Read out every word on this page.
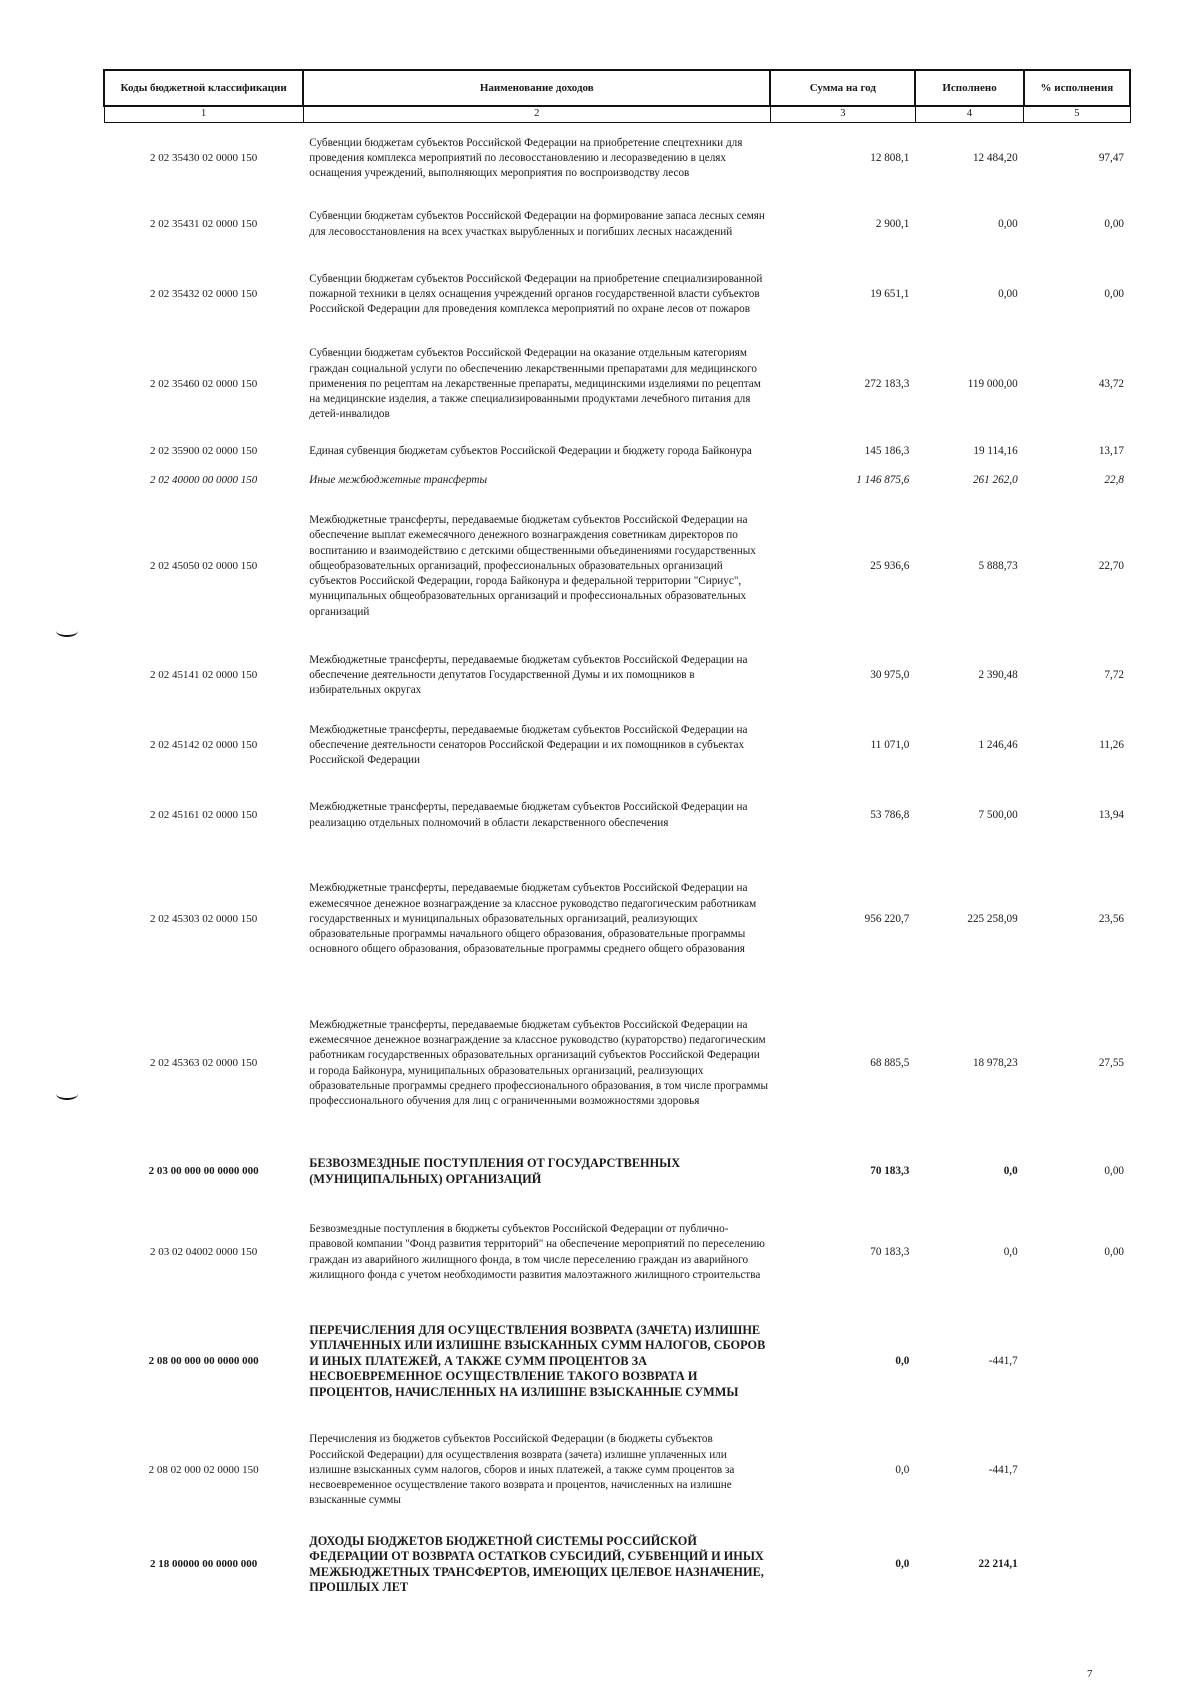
Коды бюджетной классификации	Наименование доходов	Сумма на год	Исполнено	% исполнения
1	2	3	4	5
2 02 35430 02 0000 150	Субвенции бюджетам субъектов Российской Федерации на приобретение спецтехники для проведения комплекса мероприятий по лесовосстановлению и лесоразведению в целях оснащения учреждений, выполняющих мероприятия по воспроизводству лесов	12 808,1	12 484,20	97,47
2 02 35431 02 0000 150	Субвенции бюджетам субъектов Российской Федерации на формирование запаса лесных семян для лесовосстановления на всех участках вырубленных и погибших лесных насаждений	2 900,1	0,00	0,00
2 02 35432 02 0000 150	Субвенции бюджетам субъектов Российской Федерации на приобретение специализированной пожарной техники в целях оснащения учреждений органов государственной власти субъектов Российской Федерации для проведения комплекса мероприятий по охране лесов от пожаров	19 651,1	0,00	0,00
2 02 35460 02 0000 150	Субвенции бюджетам субъектов Российской Федерации на оказание отдельным категориям граждан социальной услуги по обеспечению лекарственными препаратами для медицинского применения по рецептам на лекарственные препараты, медицинскими изделиями по рецептам на медицинские изделия, а также специализированными продуктами лечебного питания для детей-инвалидов	272 183,3	119 000,00	43,72
2 02 35900 02 0000 150	Единая субвенция бюджетам субъектов Российской Федерации и бюджету города Байконура	145 186,3	19 114,16	13,17
2 02 40000 00 0000 150	Иные межбюджетные трансферты	1 146 875,6	261 262,0	22,8
2 02 45050 02 0000 150	Межбюджетные трансферты, передаваемые бюджетам субъектов Российской Федерации на обеспечение выплат ежемесячного денежного вознаграждения советникам директоров по воспитанию и взаимодействию с детскими общественными объединениями государственных общеобразовательных организаций, профессиональных образовательных организаций субъектов Российской Федерации, города Байконура и федеральной территории "Сириус", муниципальных общеобразовательных организаций и профессиональных образовательных организаций	25 936,6	5 888,73	22,70
2 02 45141 02 0000 150	Межбюджетные трансферты, передаваемые бюджетам субъектов Российской Федерации на обеспечение деятельности депутатов Государственной Думы и их помощников в избирательных округах	30 975,0	2 390,48	7,72
2 02 45142 02 0000 150	Межбюджетные трансферты, передаваемые бюджетам субъектов Российской Федерации на обеспечение деятельности сенаторов Российской Федерации и их помощников в субъектах Российской Федерации	11 071,0	1 246,46	11,26
2 02 45161 02 0000 150	Межбюджетные трансферты, передаваемые бюджетам субъектов Российской Федерации на реализацию отдельных полномочий в области лекарственного обеспечения	53 786,8	7 500,00	13,94
2 02 45303 02 0000 150	Межбюджетные трансферты, передаваемые бюджетам субъектов Российской Федерации на ежемесячное денежное вознаграждение за классное руководство педагогическим работникам государственных и муниципальных образовательных организаций, реализующих образовательные программы начального общего образования, образовательные программы основного общего образования, образовательные программы среднего общего образования	956 220,7	225 258,09	23,56
2 02 45363 02 0000 150	Межбюджетные трансферты, передаваемые бюджетам субъектов Российской Федерации на ежемесячное денежное вознаграждение за классное руководство (кураторство) педагогическим работникам государственных образовательных организаций субъектов Российской Федерации и города Байконура, муниципальных образовательных организаций, реализующих образовательные программы среднего профессионального образования, в том числе программы профессионального обучения для лиц с ограниченными возможностями здоровья	68 885,5	18 978,23	27,55
2 03 00 000 00 0000 000	БЕЗВОЗМЕЗДНЫЕ ПОСТУПЛЕНИЯ ОТ ГОСУДАРСТВЕННЫХ (МУНИЦИПАЛЬНЫХ) ОРГАНИЗАЦИЙ	70 183,3	0,0	0,00
2 03 02 04002 0000 150	Безвозмездные поступления в бюджеты субъектов Российской Федерации от публично-правовой компании "Фонд развития территорий" на обеспечение мероприятий по переселению граждан из аварийного жилищного фонда, в том числе переселению граждан из аварийного жилищного фонда с учетом необходимости развития малоэтажного жилищного строительства	70 183,3	0,0	0,00
2 08 00 000 00 0000 000	ПЕРЕЧИСЛЕНИЯ ДЛЯ ОСУЩЕСТВЛЕНИЯ ВОЗВРАТА (ЗАЧЕТА) ИЗЛИШНЕ УПЛАЧЕННЫХ ИЛИ ИЗЛИШНЕ ВЗЫСКАННЫХ СУММ НАЛОГОВ, СБОРОВ И ИНЫХ ПЛАТЕЖЕЙ, А ТАКЖЕ СУММ ПРОЦЕНТОВ ЗА НЕСВОЕВРЕМЕННОЕ ОСУЩЕСТВЛЕНИЕ ТАКОГО ВОЗВРАТА И ПРОЦЕНТОВ, НАЧИСЛЕННЫХ НА ИЗЛИШНЕ ВЗЫСКАННЫЕ СУММЫ	0,0	-441,7	
2 08 02 000 02 0000 150	Перечисления из бюджетов субъектов Российской Федерации (в бюджеты субъектов Российской Федерации) для осуществления возврата (зачета) излишне уплаченных или излишне взысканных сумм налогов, сборов и иных платежей, а также сумм процентов за несвоевременное осуществление такого возврата и процентов, начисленных на излишне взысканные суммы	0,0	-441,7	
2 18 00000 00 0000 000	ДОХОДЫ БЮДЖЕТОВ БЮДЖЕТНОЙ СИСТЕМЫ РОССИЙСКОЙ ФЕДЕРАЦИИ ОТ ВОЗВРАТА ОСТАТКОВ СУБСИДИЙ, СУБВЕНЦИЙ И ИНЫХ МЕЖБЮДЖЕТНЫХ ТРАНСФЕРТОВ, ИМЕЮЩИХ ЦЕЛЕВОЕ НАЗНАЧЕНИЕ, ПРОШЛЫХ ЛЕТ	0,0	22 214,1	
7
